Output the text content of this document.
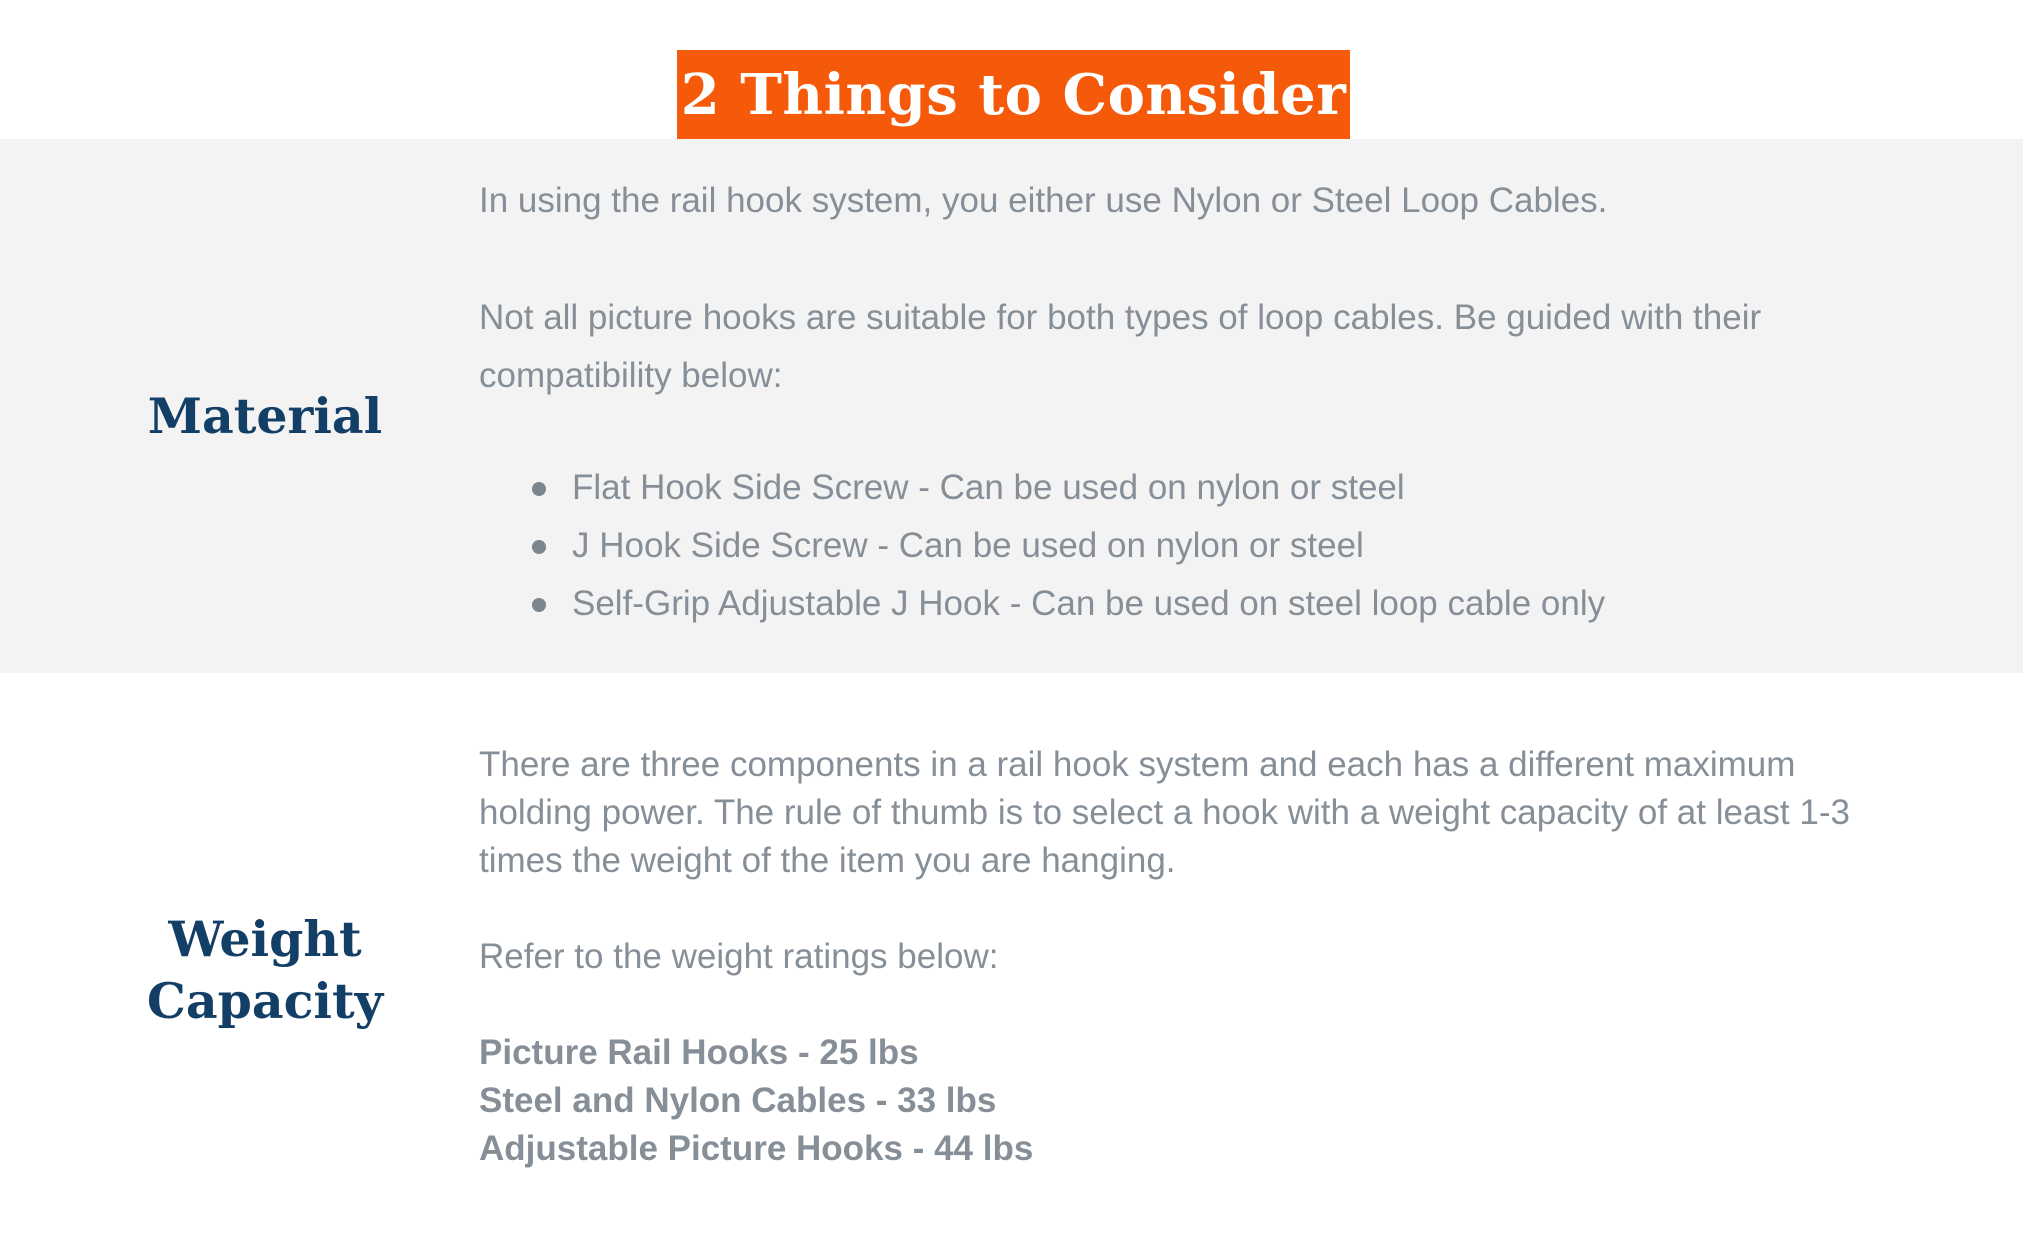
2 Things to Consider
Material

In using the rail hook system, you either use Nylon or Steel Loop Cables.

Not all picture hooks are suitable for both types of loop cables. Be guided with their compatibility below:

Flat Hook Side Screw - Can be used on nylon or steel
J Hook Side Screw - Can be used on nylon or steel
Self-Grip Adjustable J Hook - Can be used on steel loop cable only
Weight
Capacity

There are three components in a rail hook system and each has a different maximum holding power. The rule of thumb is to select a hook with a weight capacity of at least 1-3 times the weight of the item you are hanging.

Refer to the weight ratings below:

Picture Rail Hooks - 25 lbs
Steel and Nylon Cables - 33 lbs
Adjustable Picture Hooks - 44 lbs
